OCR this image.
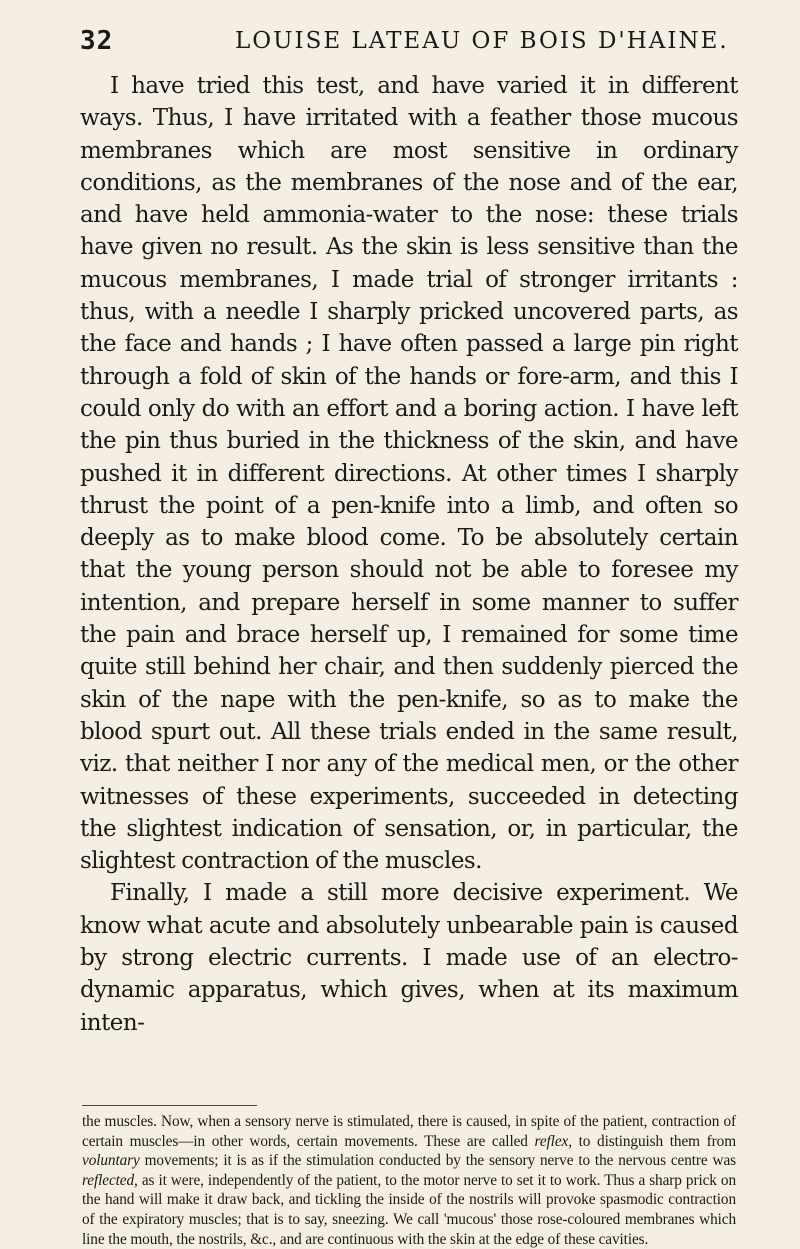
32	LOUISE LATEAU OF BOIS D'HAINE.

I have tried this test, and have varied it in different ways. Thus, I have irritated with a feather those mucous membranes which are most sensitive in ordinary conditions, as the membranes of the nose and of the ear, and have held ammonia-water to the nose: these trials have given no result. As the skin is less sensitive than the mucous membranes, I made trial of stronger irritants : thus, with a needle I sharply pricked uncovered parts, as the face and hands ; I have often passed a large pin right through a fold of skin of the hands or fore-arm, and this I could only do with an effort and a boring action. I have left the pin thus buried in the thickness of the skin, and have pushed it in different directions. At other times I sharply thrust the point of a pen-knife into a limb, and often so deeply as to make blood come. To be absolutely certain that the young person should not be able to foresee my intention, and prepare herself in some manner to suffer the pain and brace herself up, I remained for some time quite still behind her chair, and then suddenly pierced the skin of the nape with the pen-knife, so as to make the blood spurt out. All these trials ended in the same result, viz. that neither I nor any of the medical men, or the other witnesses of these experiments, succeeded in detecting the slightest indication of sensation, or, in particular, the slightest contraction of the muscles.

Finally, I made a still more decisive experiment. We know what acute and absolutely unbearable pain is caused by strong electric currents. I made use of an electro-dynamic apparatus, which gives, when at its maximum inten-

the muscles. Now, when a sensory nerve is stimulated, there is caused, in spite of the patient, contraction of certain muscles—in other words, certain movements. These are called reflex, to distinguish them from voluntary movements; it is as if the stimulation conducted by the sensory nerve to the nervous centre was reflected, as it were, independently of the patient, to the motor nerve to set it to work. Thus a sharp prick on the hand will make it draw back, and tickling the inside of the nostrils will provoke spasmodic contraction of the expiratory muscles; that is to say, sneezing. We call 'mucous' those rose-coloured membranes which line the mouth, the nostrils, &c., and are continuous with the skin at the edge of these cavities.
